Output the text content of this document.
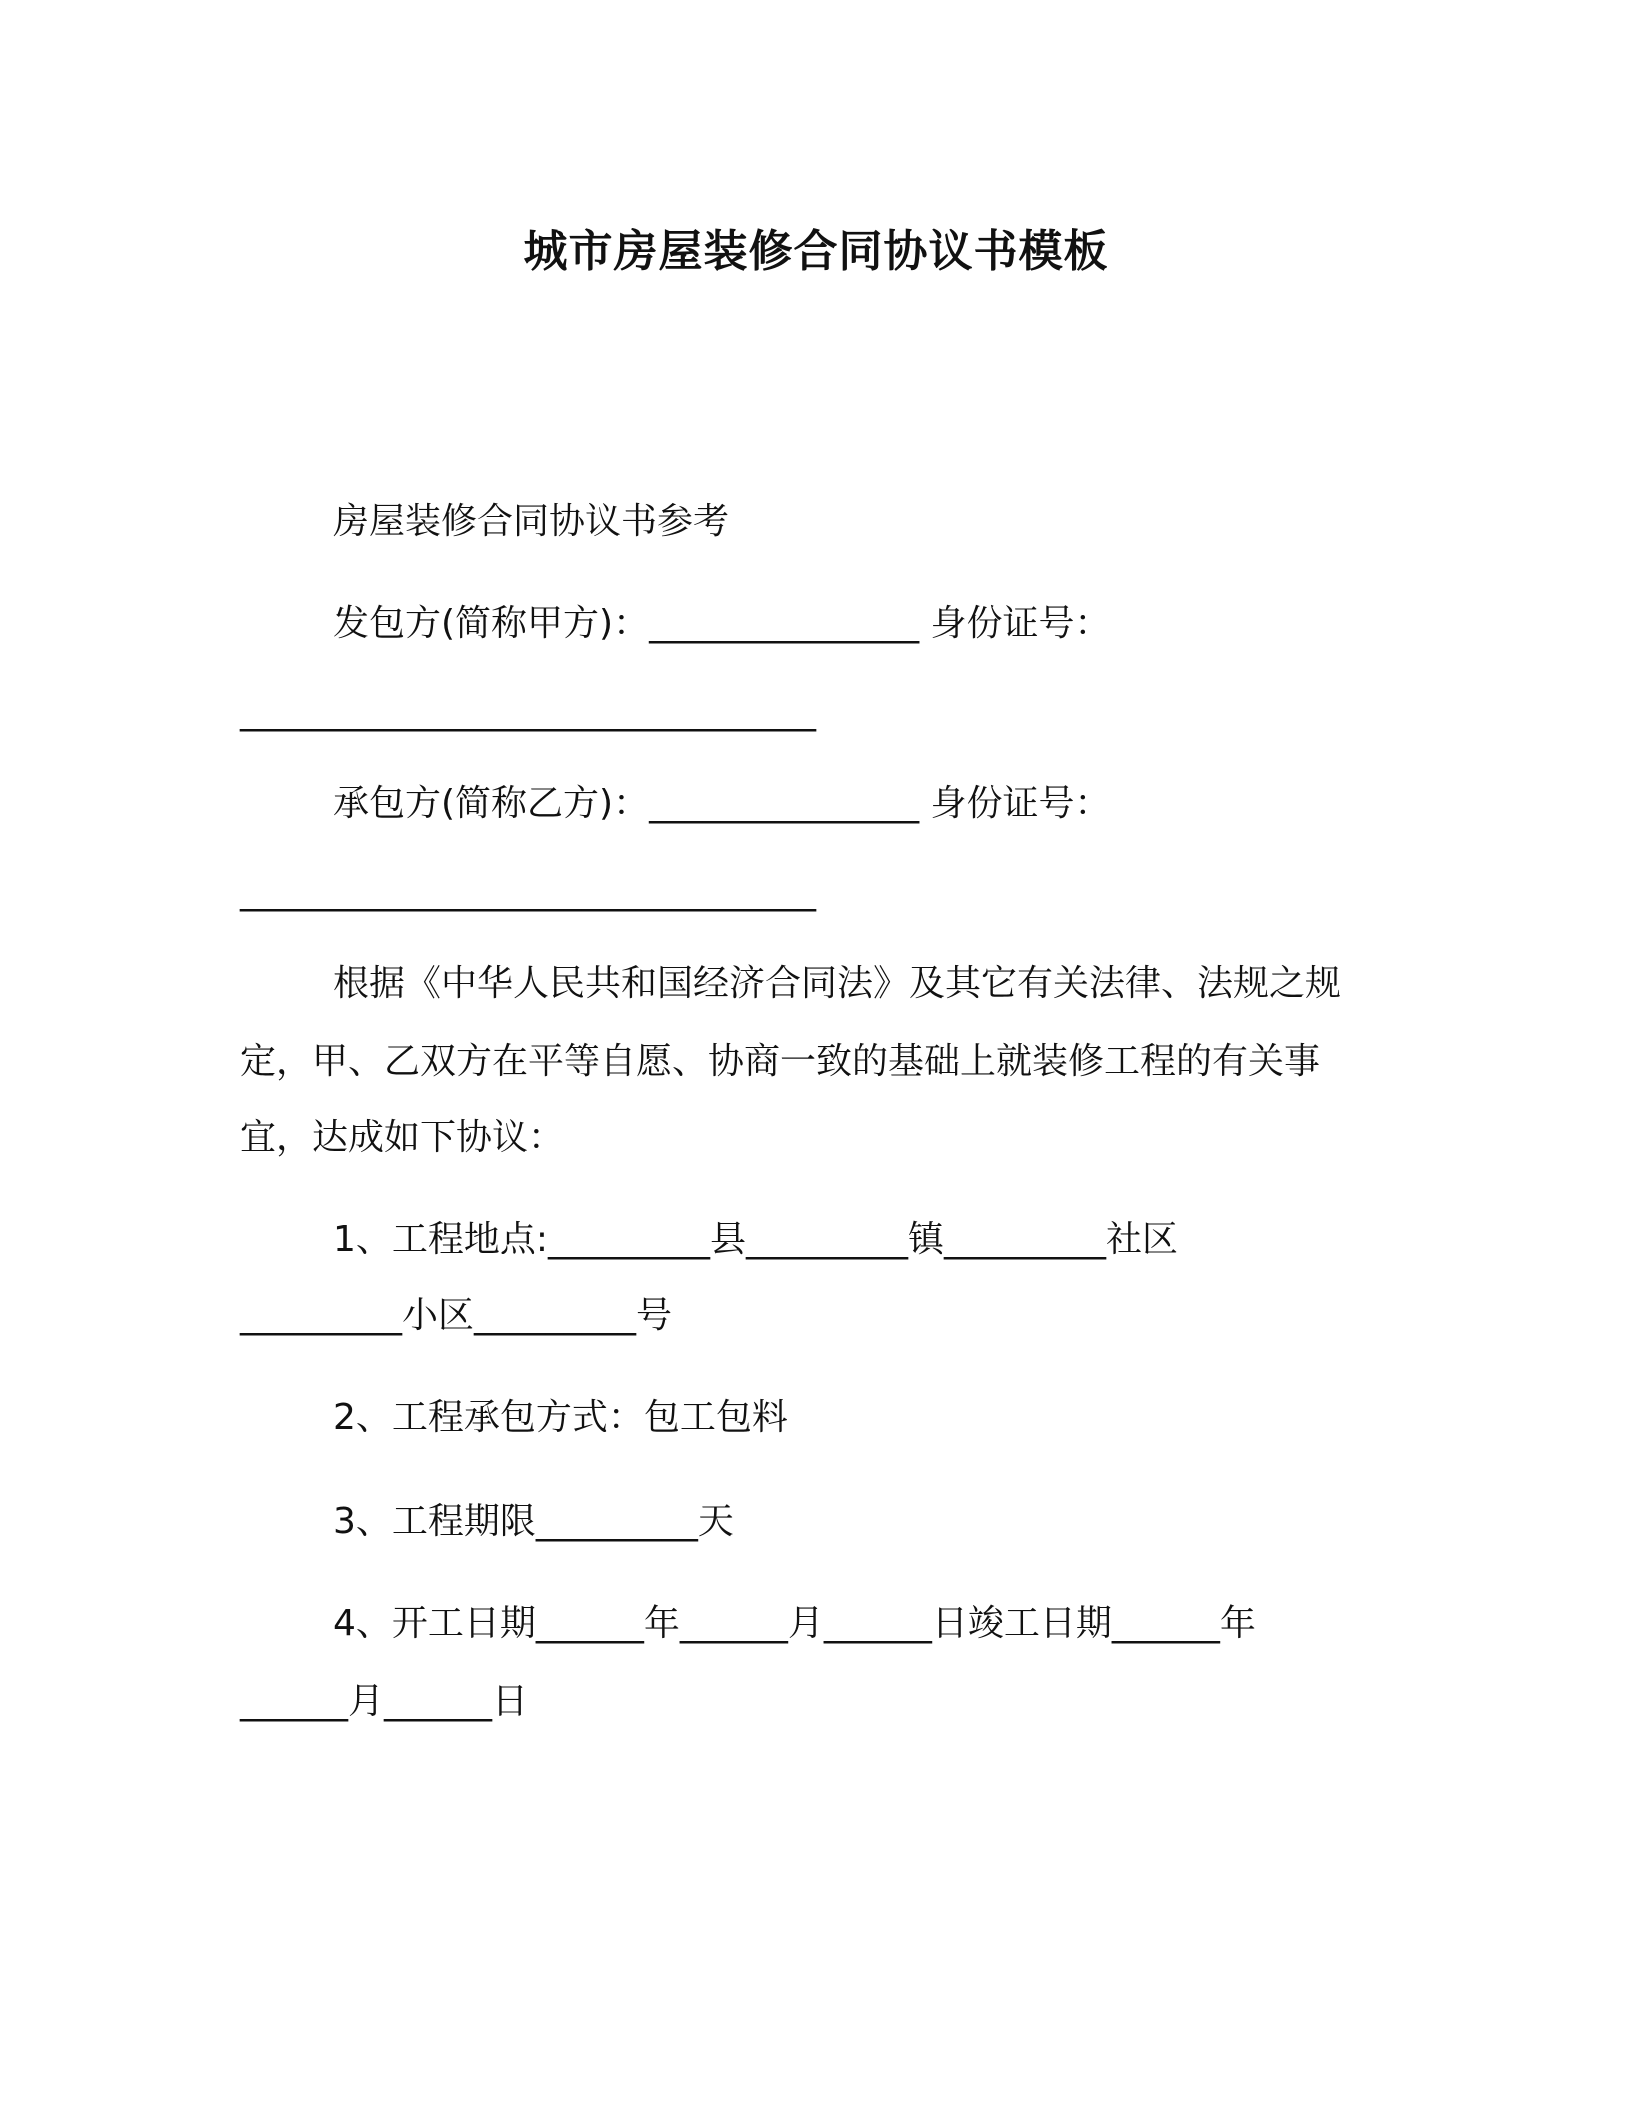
城市房屋装修合同协议书模板
房屋装修合同协议书参考
发包方(简称甲方)：_______________ 身份证号：
________________________________
承包方(简称乙方)：_______________ 身份证号：
________________________________
根据《中华人民共和国经济合同法》及其它有关法律、法规之规
定，甲、乙双方在平等自愿、协商一致的基础上就装修工程的有关事
宜，达成如下协议：
1、工程地点:_________县_________镇_________社区
_________小区_________号
2、工程承包方式：包工包料
3、工程期限_________天
4、开工日期______年______月______日竣工日期______年
______月______日
